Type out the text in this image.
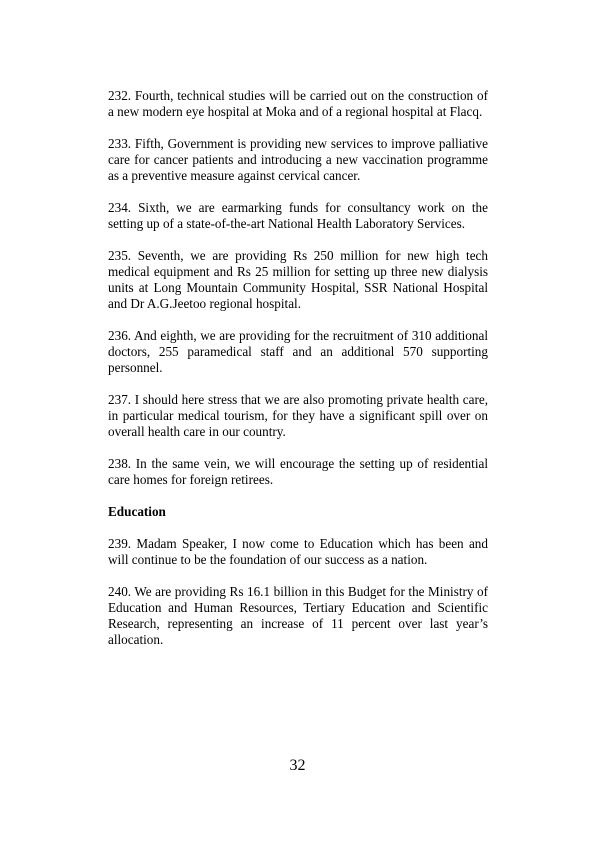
232. Fourth, technical studies will be carried out on the construction of a new modern eye hospital at Moka and of a regional hospital at Flacq.

233. Fifth, Government is providing new services to improve palliative care for cancer patients and introducing a new vaccination programme as a preventive measure against cervical cancer.

234. Sixth, we are earmarking funds for consultancy work on the setting up of a state-of-the-art National Health Laboratory Services.

235. Seventh, we are providing Rs 250 million for new high tech medical equipment and Rs 25 million for setting up three new dialysis units at Long Mountain Community Hospital, SSR National Hospital and Dr A.G.Jeetoo regional hospital.

236. And eighth, we are providing for the recruitment of 310 additional doctors, 255 paramedical staff and an additional 570 supporting personnel.

237. I should here stress that we are also promoting private health care, in particular medical tourism, for they have a significant spill over on overall health care in our country.

238. In the same vein, we will encourage the setting up of residential care homes for foreign retirees.

Education

239. Madam Speaker, I now come to Education which has been and will continue to be the foundation of our success as a nation.

240. We are providing Rs 16.1 billion in this Budget for the Ministry of Education and Human Resources, Tertiary Education and Scientific Research, representing an increase of 11 percent over last year’s allocation.

32
